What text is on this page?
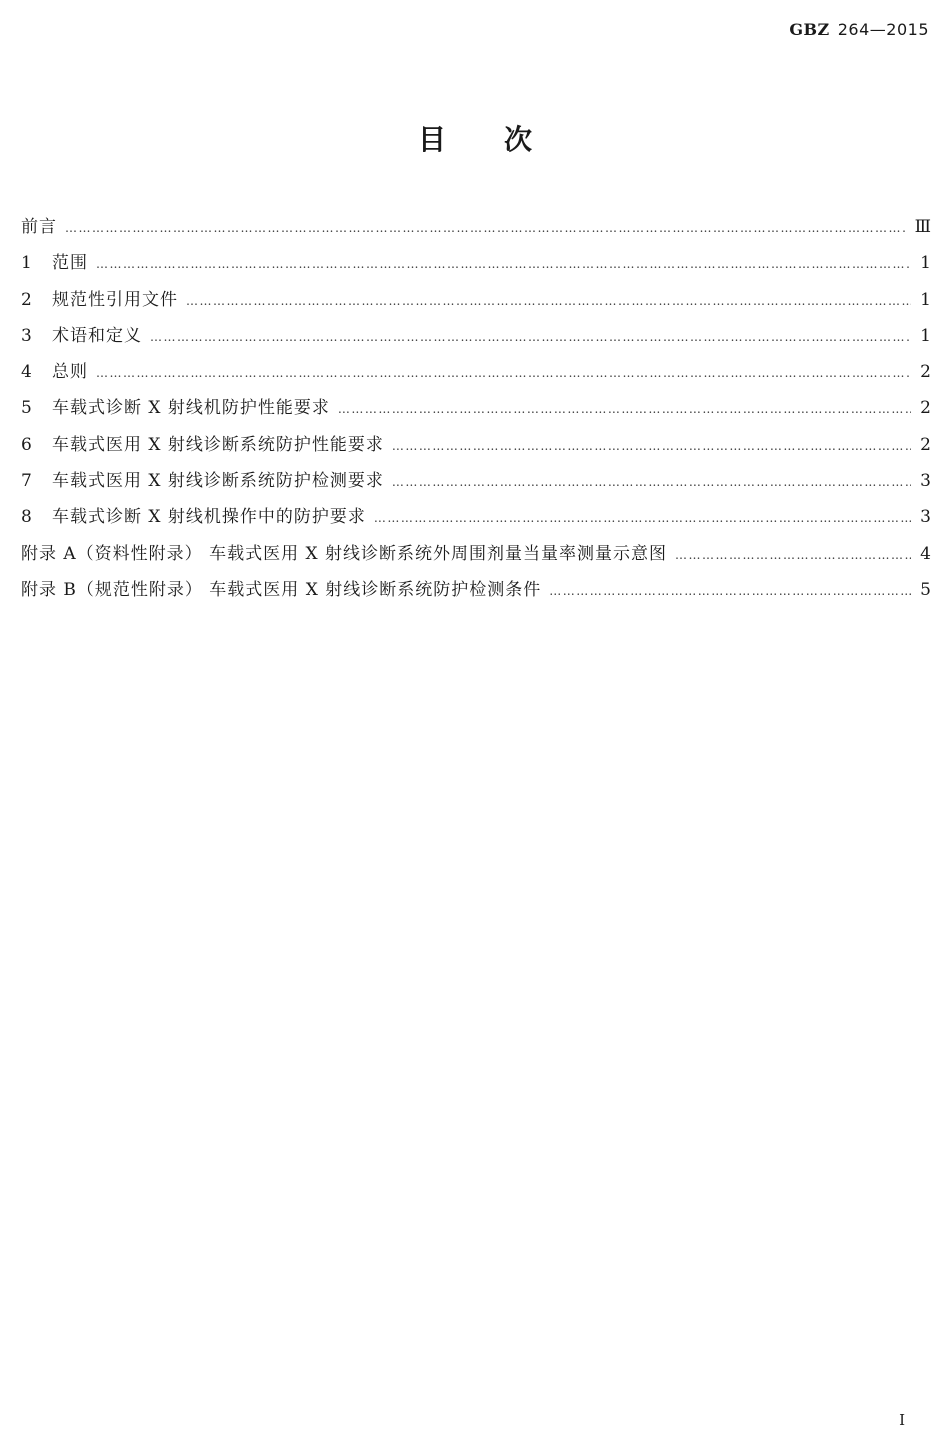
GBZ 264—2015
目次
前言 ………………………………………………………………………………………………………………………………………………………………………………………………………………………………	Ⅲ
1	范围 ………………………………………………………………………………………………………………………………………………………………………………………………………………………………	1
2	规范性引用文件 ………………………………………………………………………………………………………………………………………………………………………………………………………………………………	1
3	术语和定义 ………………………………………………………………………………………………………………………………………………………………………………………………………………………………	1
4	总则 ………………………………………………………………………………………………………………………………………………………………………………………………………………………………	2
5	车载式诊断 X 射线机防护性能要求 ………………………………………………………………………………………………………………………………………………………………………………………………………………………………	2
6	车载式医用 X 射线诊断系统防护性能要求 ………………………………………………………………………………………………………………………………………………………………………………………………………………………………	2
7	车载式医用 X 射线诊断系统防护检测要求 ………………………………………………………………………………………………………………………………………………………………………………………………………………………………	3
8	车载式诊断 X 射线机操作中的防护要求 ………………………………………………………………………………………………………………………………………………………………………………………………………………………………	3
附录 A（资料性附录） 车载式医用 X 射线诊断系统外周围剂量当量率测量示意图 ………………………………………………………………………………………………………………………………………………………………………………………………………………………………	4
附录 B（规范性附录） 车载式医用 X 射线诊断系统防护检测条件 ………………………………………………………………………………………………………………………………………………………………………………………………………………………………	5
Ⅰ
